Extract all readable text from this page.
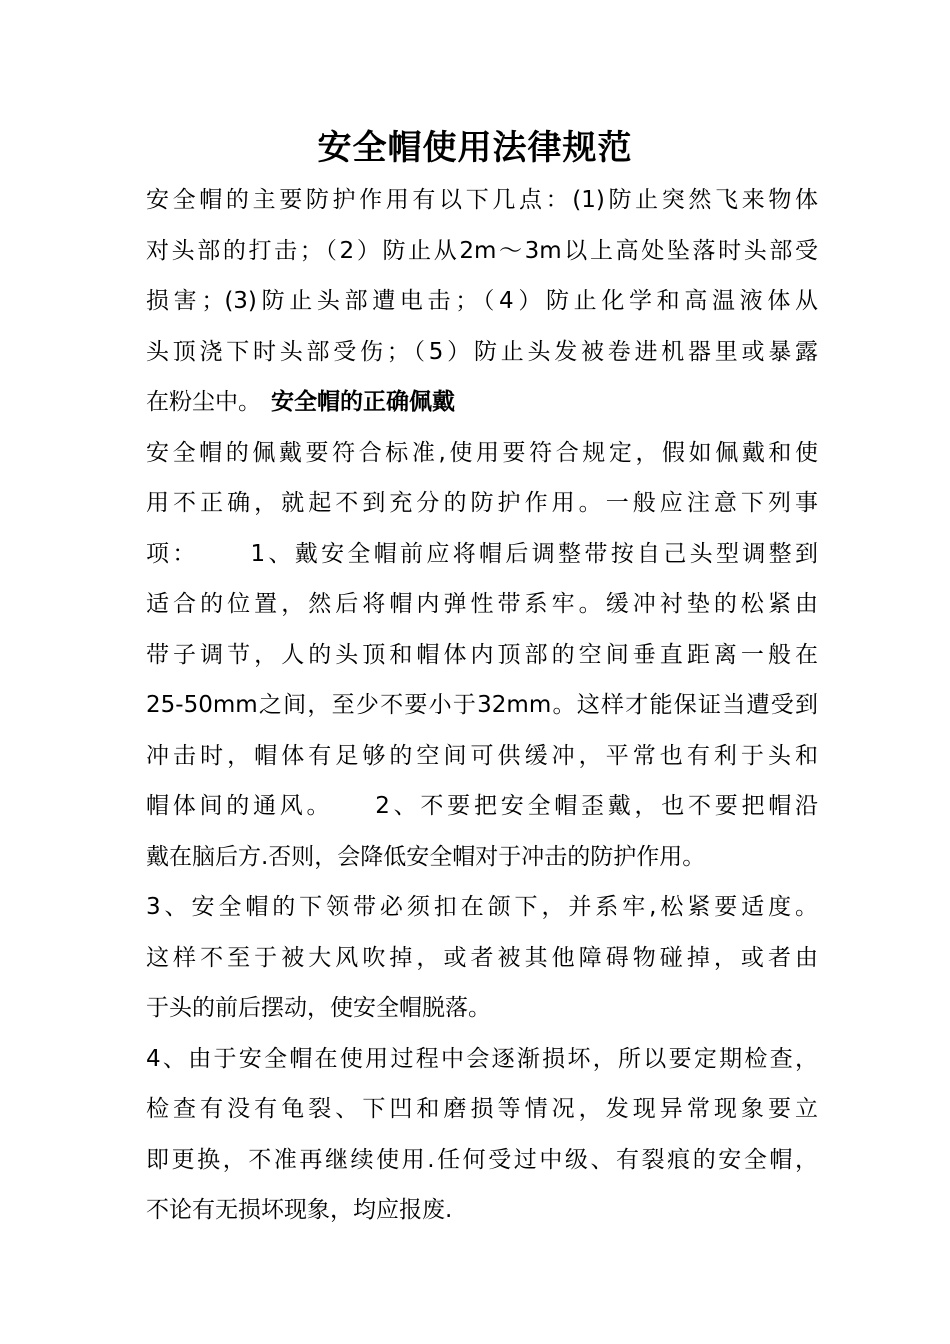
安全帽使用法律规范
安全帽的主要防护作用有以下几点：(1)防止突然飞来物体
对头部的打击；（2）防止从2m～3m以上高处坠落时头部受
损害；(3)防止头部遭电击；（4）防止化学和高温液体从
头顶浇下时头部受伤；（5）防止头发被卷进机器里或暴露
在粉尘中。 安全帽的正确佩戴
安全帽的佩戴要符合标准,使用要符合规定，假如佩戴和使
用不正确，就起不到充分的防护作用。一般应注意下列事
项：　　 1、戴安全帽前应将帽后调整带按自己头型调整到
适合的位置，然后将帽内弹性带系牢。缓冲衬垫的松紧由
带子调节，人的头顶和帽体内顶部的空间垂直距离一般在
25-50mm之间，至少不要小于32mm。这样才能保证当遭受到
冲击时，帽体有足够的空间可供缓冲，平常也有利于头和
帽体间的通风。　　2、不要把安全帽歪戴，也不要把帽沿
戴在脑后方.否则，会降低安全帽对于冲击的防护作用。
3、安全帽的下领带必须扣在颌下，并系牢,松紧要适度。
这样不至于被大风吹掉，或者被其他障碍物碰掉，或者由
于头的前后摆动，使安全帽脱落。
4、由于安全帽在使用过程中会逐渐损坏，所以要定期检查，
检查有没有龟裂、下凹和磨损等情况，发现异常现象要立
即更换，不准再继续使用.任何受过中级、有裂痕的安全帽，
不论有无损坏现象，均应报废.
